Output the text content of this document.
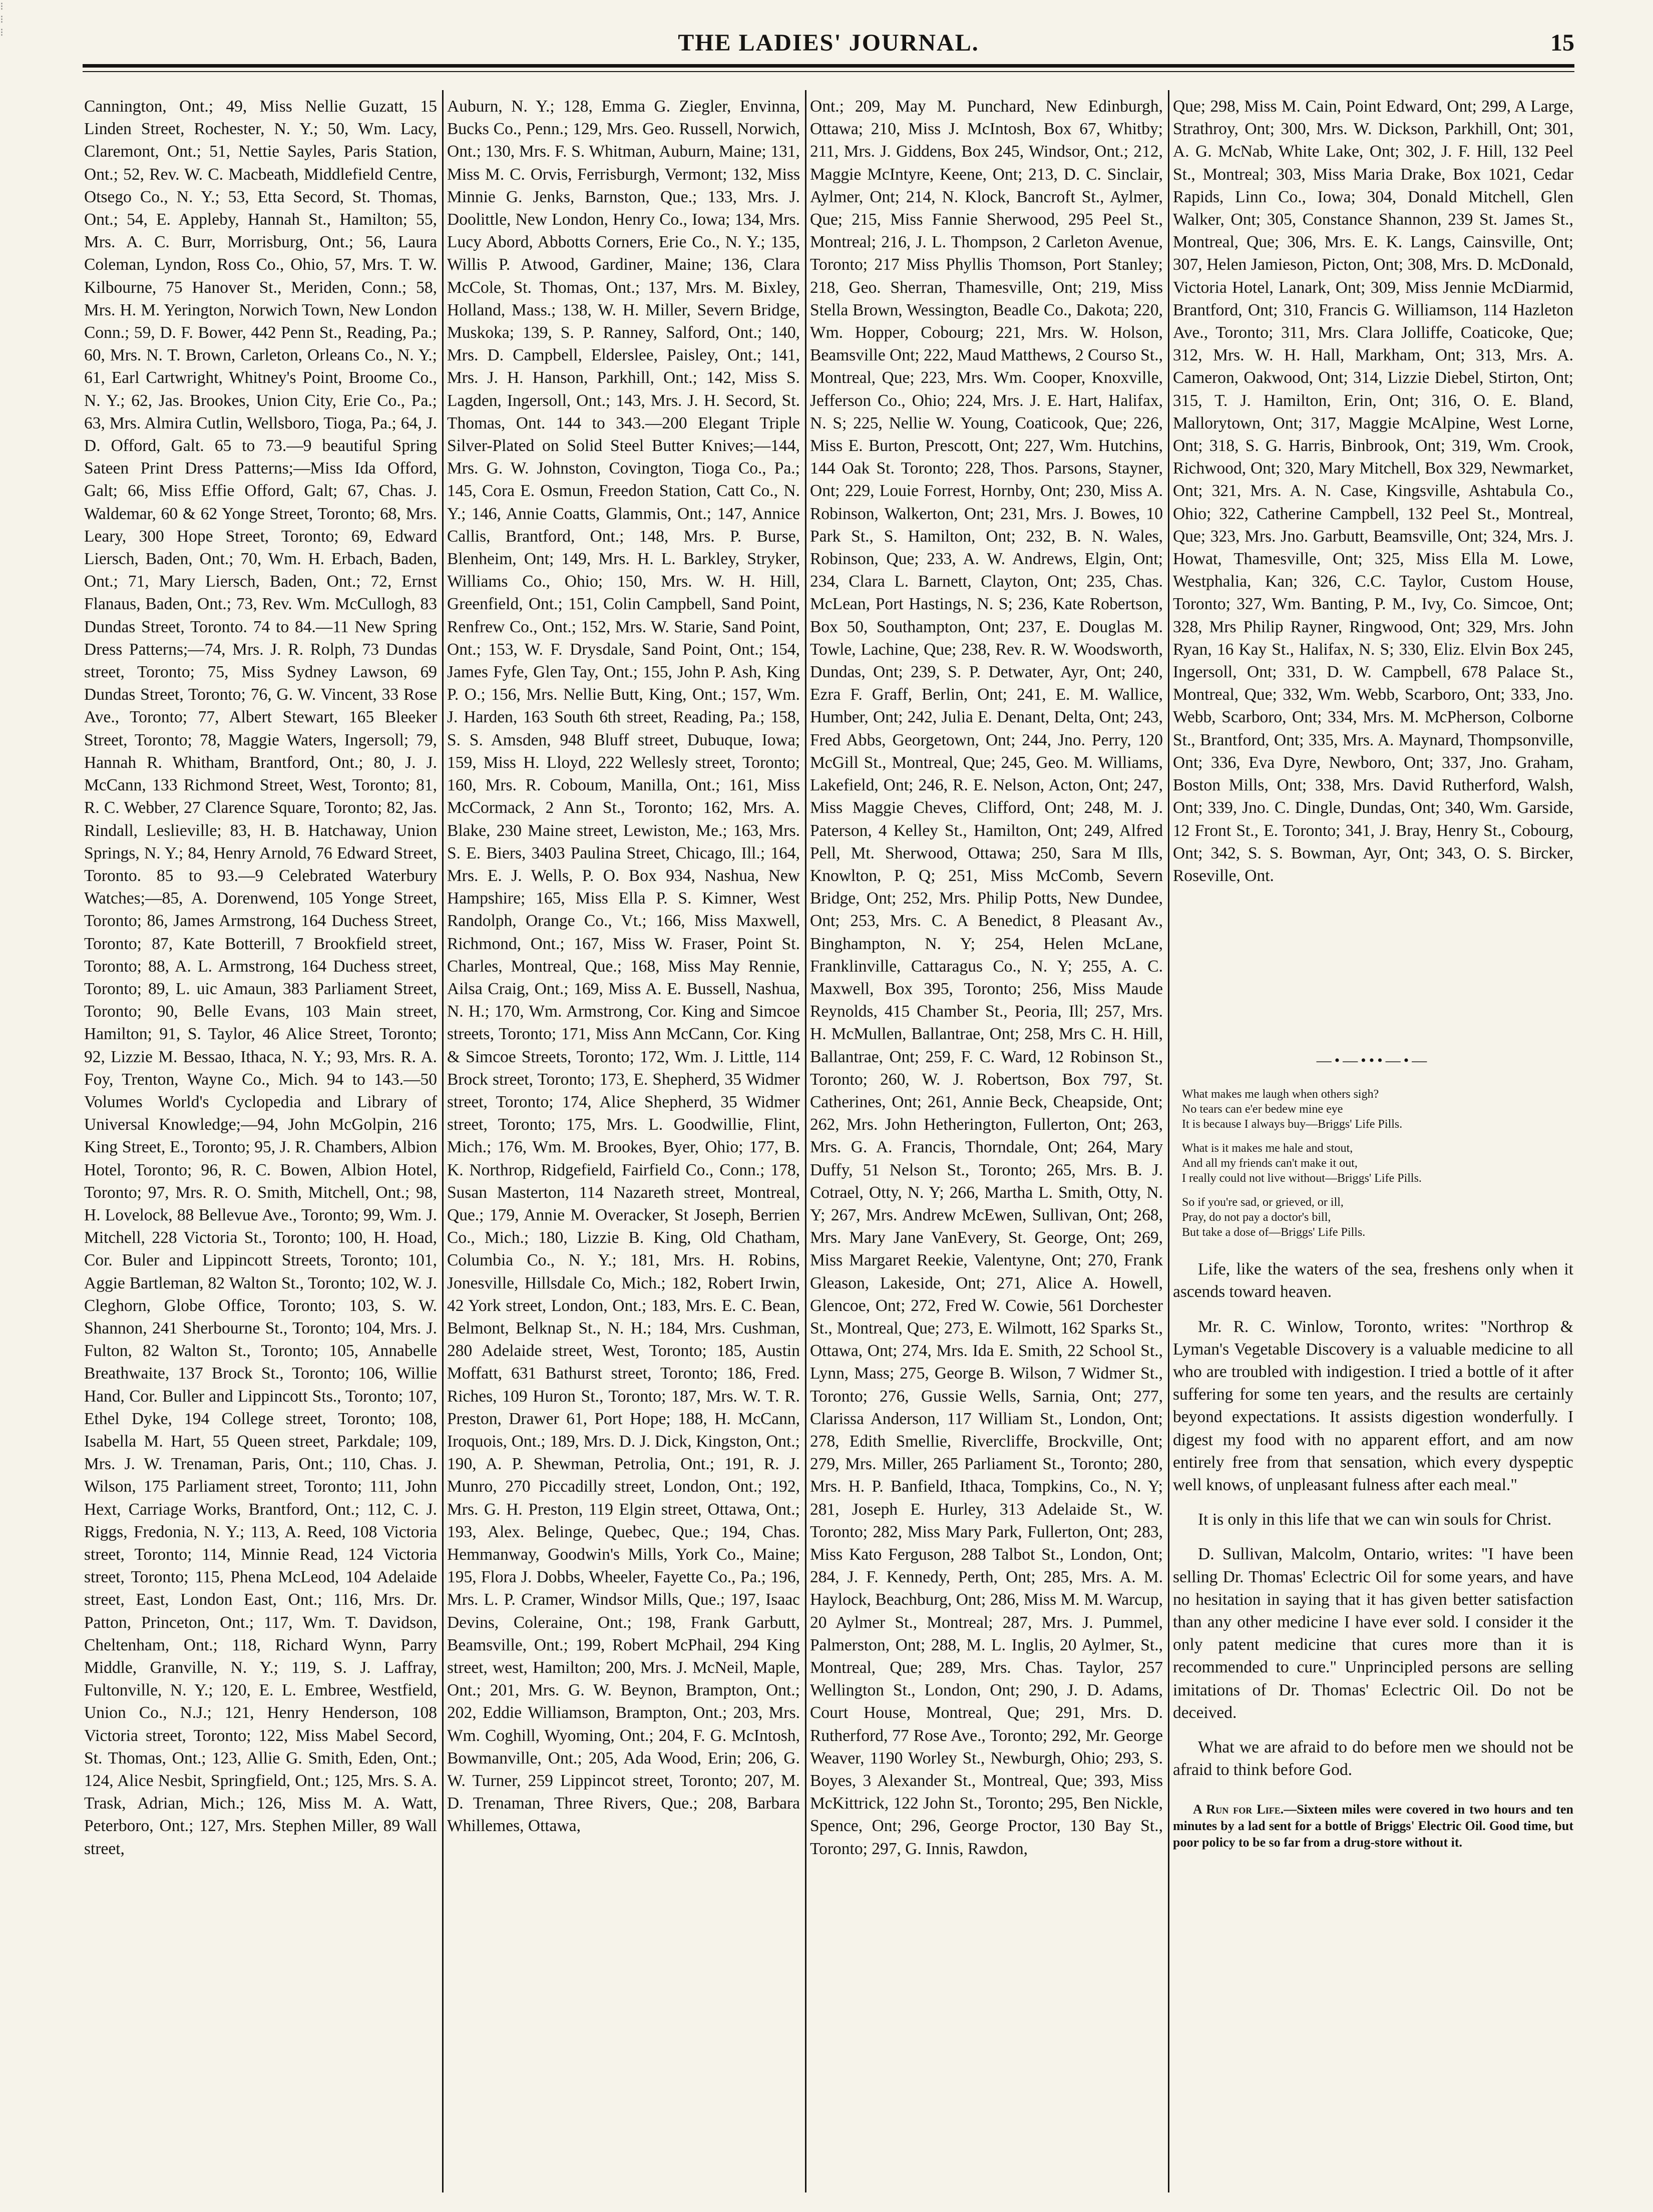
⁝
⁝
⁝	THE LADIES' JOURNAL.	15

Cannington, Ont.; 49, Miss Nellie Guzatt, 15 Linden Street, Rochester, N. Y.; 50, Wm. Lacy, Claremont, Ont.; 51, Nettie Sayles, Paris Station, Ont.; 52, Rev. W. C. Macbeath, Middlefield Centre, Otsego Co., N. Y.; 53, Etta Secord, St. Thomas, Ont.; 54, E. Appleby, Hannah St., Hamilton; 55, Mrs. A. C. Burr, Morrisburg, Ont.; 56, Laura Coleman, Lyndon, Ross Co., Ohio, 57, Mrs. T. W. Kilbourne, 75 Hanover St., Meriden, Conn.; 58, Mrs. H. M. Yerington, Norwich Town, New London Conn.; 59, D. F. Bower, 442 Penn St., Reading, Pa.; 60, Mrs. N. T. Brown, Carleton, Orleans Co., N. Y.; 61, Earl Cartwright, Whitney's Point, Broome Co., N. Y.; 62, Jas. Brookes, Union City, Erie Co., Pa.; 63, Mrs. Almira Cutlin, Wellsboro, Tioga, Pa.; 64, J. D. Offord, Galt. 65 to 73.—9 beautiful Spring Sateen Print Dress Patterns;—Miss Ida Offord, Galt; 66, Miss Effie Offord, Galt; 67, Chas. J. Waldemar, 60 & 62 Yonge Street, Toronto; 68, Mrs. Leary, 300 Hope Street, Toronto; 69, Edward Liersch, Baden, Ont.; 70, Wm. H. Erbach, Baden, Ont.; 71, Mary Liersch, Baden, Ont.; 72, Ernst Flanaus, Baden, Ont.; 73, Rev. Wm. McCullogh, 83 Dundas Street, Toronto. 74 to 84.—11 New Spring Dress Patterns;—74, Mrs. J. R. Rolph, 73 Dundas street, Toronto; 75, Miss Sydney Lawson, 69 Dundas Street, Toronto; 76, G. W. Vincent, 33 Rose Ave., Toronto; 77, Albert Stewart, 165 Bleeker Street, Toronto; 78, Maggie Waters, Ingersoll; 79, Hannah R. Whitham, Brantford, Ont.; 80, J. J. McCann, 133 Richmond Street, West, Toronto; 81, R. C. Webber, 27 Clarence Square, Toronto; 82, Jas. Rindall, Leslieville; 83, H. B. Hatchaway, Union Springs, N. Y.; 84, Henry Arnold, 76 Edward Street, Toronto. 85 to 93.—9 Celebrated Waterbury Watches;—85, A. Dorenwend, 105 Yonge Street, Toronto; 86, James Armstrong, 164 Duchess Street, Toronto; 87, Kate Botterill, 7 Brookfield street, Toronto; 88, A. L. Armstrong, 164 Duchess street, Toronto; 89, L. uic Amaun, 383 Parliament Street, Toronto; 90, Belle Evans, 103 Main street, Hamilton; 91, S. Taylor, 46 Alice Street, Toronto; 92, Lizzie M. Bessao, Ithaca, N. Y.; 93, Mrs. R. A. Foy, Trenton, Wayne Co., Mich. 94 to 143.—50 Volumes World's Cyclopedia and Library of Universal Knowledge;—94, John McGolpin, 216 King Street, E., Toronto; 95, J. R. Chambers, Albion Hotel, Toronto; 96, R. C. Bowen, Albion Hotel, Toronto; 97, Mrs. R. O. Smith, Mitchell, Ont.; 98, H. Lovelock, 88 Bellevue Ave., Toronto; 99, Wm. J. Mitchell, 228 Victoria St., Toronto; 100, H. Hoad, Cor. Buler and Lippincott Streets, Toronto; 101, Aggie Bartleman, 82 Walton St., Toronto; 102, W. J. Cleghorn, Globe Office, Toronto; 103, S. W. Shannon, 241 Sherbourne St., Toronto; 104, Mrs. J. Fulton, 82 Walton St., Toronto; 105, Annabelle Breathwaite, 137 Brock St., Toronto; 106, Willie Hand, Cor. Buller and Lippincott Sts., Toronto; 107, Ethel Dyke, 194 College street, Toronto; 108, Isabella M. Hart, 55 Queen street, Parkdale; 109, Mrs. J. W. Trenaman, Paris, Ont.; 110, Chas. J. Wilson, 175 Parliament street, Toronto; 111, John Hext, Carriage Works, Brantford, Ont.; 112, C. J. Riggs, Fredonia, N. Y.; 113, A. Reed, 108 Victoria street, Toronto; 114, Minnie Read, 124 Victoria street, Toronto; 115, Phena McLeod, 104 Adelaide street, East, London East, Ont.; 116, Mrs. Dr. Patton, Princeton, Ont.; 117, Wm. T. Davidson, Cheltenham, Ont.; 118, Richard Wynn, Parry Middle, Granville, N. Y.; 119, S. J. Laffray, Fultonville, N. Y.; 120, E. L. Embree, Westfield, Union Co., N.J.; 121, Henry Henderson, 108 Victoria street, Toronto; 122, Miss Mabel Secord, St. Thomas, Ont.; 123, Allie G. Smith, Eden, Ont.; 124, Alice Nesbit, Springfield, Ont.; 125, Mrs. S. A. Trask, Adrian, Mich.; 126, Miss M. A. Watt, Peterboro, Ont.; 127, Mrs. Stephen Miller, 89 Wall street,

Auburn, N. Y.; 128, Emma G. Ziegler, Envinna, Bucks Co., Penn.; 129, Mrs. Geo. Russell, Norwich, Ont.; 130, Mrs. F. S. Whitman, Auburn, Maine; 131, Miss M. C. Orvis, Ferrisburgh, Vermont; 132, Miss Minnie G. Jenks, Barnston, Que.; 133, Mrs. J. Doolittle, New London, Henry Co., Iowa; 134, Mrs. Lucy Abord, Abbotts Corners, Erie Co., N. Y.; 135, Willis P. Atwood, Gardiner, Maine; 136, Clara McCole, St. Thomas, Ont.; 137, Mrs. M. Bixley, Holland, Mass.; 138, W. H. Miller, Severn Bridge, Muskoka; 139, S. P. Ranney, Salford, Ont.; 140, Mrs. D. Campbell, Elderslee, Paisley, Ont.; 141, Mrs. J. H. Hanson, Parkhill, Ont.; 142, Miss S. Lagden, Ingersoll, Ont.; 143, Mrs. J. H. Secord, St. Thomas, Ont. 144 to 343.—200 Elegant Triple Silver-Plated on Solid Steel Butter Knives;—144, Mrs. G. W. Johnston, Covington, Tioga Co., Pa.; 145, Cora E. Osmun, Freedon Station, Catt Co., N. Y.; 146, Annie Coatts, Glammis, Ont.; 147, Annice Callis, Brantford, Ont.; 148, Mrs. P. Burse, Blenheim, Ont; 149, Mrs. H. L. Barkley, Stryker, Williams Co., Ohio; 150, Mrs. W. H. Hill, Greenfield, Ont.; 151, Colin Campbell, Sand Point, Renfrew Co., Ont.; 152, Mrs. W. Starie, Sand Point, Ont.; 153, W. F. Drysdale, Sand Point, Ont.; 154, James Fyfe, Glen Tay, Ont.; 155, John P. Ash, King P. O.; 156, Mrs. Nellie Butt, King, Ont.; 157, Wm. J. Harden, 163 South 6th street, Reading, Pa.; 158, S. S. Amsden, 948 Bluff street, Dubuque, Iowa; 159, Miss H. Lloyd, 222 Wellesly street, Toronto; 160, Mrs. R. Coboum, Manilla, Ont.; 161, Miss McCormack, 2 Ann St., Toronto; 162, Mrs. A. Blake, 230 Maine street, Lewiston, Me.; 163, Mrs. S. E. Biers, 3403 Paulina Street, Chicago, Ill.; 164, Mrs. E. J. Wells, P. O. Box 934, Nashua, New Hampshire; 165, Miss Ella P. S. Kimner, West Randolph, Orange Co., Vt.; 166, Miss Maxwell, Richmond, Ont.; 167, Miss W. Fraser, Point St. Charles, Montreal, Que.; 168, Miss May Rennie, Ailsa Craig, Ont.; 169, Miss A. E. Bussell, Nashua, N. H.; 170, Wm. Armstrong, Cor. King and Simcoe streets, Toronto; 171, Miss Ann McCann, Cor. King & Simcoe Streets, Toronto; 172, Wm. J. Little, 114 Brock street, Toronto; 173, E. Shepherd, 35 Widmer street, Toronto; 174, Alice Shepherd, 35 Widmer street, Toronto; 175, Mrs. L. Goodwillie, Flint, Mich.; 176, Wm. M. Brookes, Byer, Ohio; 177, B. K. Northrop, Ridgefield, Fairfield Co., Conn.; 178, Susan Masterton, 114 Nazareth street, Montreal, Que.; 179, Annie M. Overacker, St Joseph, Berrien Co., Mich.; 180, Lizzie B. King, Old Chatham, Columbia Co., N. Y.; 181, Mrs. H. Robins, Jonesville, Hillsdale Co, Mich.; 182, Robert Irwin, 42 York street, London, Ont.; 183, Mrs. E. C. Bean, Belmont, Belknap St., N. H.; 184, Mrs. Cushman, 280 Adelaide street, West, Toronto; 185, Austin Moffatt, 631 Bathurst street, Toronto; 186, Fred. Riches, 109 Huron St., Toronto; 187, Mrs. W. T. R. Preston, Drawer 61, Port Hope; 188, H. McCann, Iroquois, Ont.; 189, Mrs. D. J. Dick, Kingston, Ont.; 190, A. P. Shewman, Petrolia, Ont.; 191, R. J. Munro, 270 Piccadilly street, London, Ont.; 192, Mrs. G. H. Preston, 119 Elgin street, Ottawa, Ont.; 193, Alex. Belinge, Quebec, Que.; 194, Chas. Hemmanway, Goodwin's Mills, York Co., Maine; 195, Flora J. Dobbs, Wheeler, Fayette Co., Pa.; 196, Mrs. L. P. Cramer, Windsor Mills, Que.; 197, Isaac Devins, Coleraine, Ont.; 198, Frank Garbutt, Beamsville, Ont.; 199, Robert McPhail, 294 King street, west, Hamilton; 200, Mrs. J. McNeil, Maple, Ont.; 201, Mrs. G. W. Beynon, Brampton, Ont.; 202, Eddie Williamson, Brampton, Ont.; 203, Mrs. Wm. Coghill, Wyoming, Ont.; 204, F. G. McIntosh, Bowmanville, Ont.; 205, Ada Wood, Erin; 206, G. W. Turner, 259 Lippincot street, Toronto; 207, M. D. Trenaman, Three Rivers, Que.; 208, Barbara Whillemes, Ottawa,

Ont.; 209, May M. Punchard, New Edinburgh, Ottawa; 210, Miss J. McIntosh, Box 67, Whitby; 211, Mrs. J. Giddens, Box 245, Windsor, Ont.; 212, Maggie McIntyre, Keene, Ont; 213, D. C. Sinclair, Aylmer, Ont; 214, N. Klock, Bancroft St., Aylmer, Que; 215, Miss Fannie Sherwood, 295 Peel St., Montreal; 216, J. L. Thompson, 2 Carleton Avenue, Toronto; 217 Miss Phyllis Thomson, Port Stanley; 218, Geo. Sherran, Thamesville, Ont; 219, Miss Stella Brown, Wessington, Beadle Co., Dakota; 220, Wm. Hopper, Cobourg; 221, Mrs. W. Holson, Beamsville Ont; 222, Maud Matthews, 2 Courso St., Montreal, Que; 223, Mrs. Wm. Cooper, Knoxville, Jefferson Co., Ohio; 224, Mrs. J. E. Hart, Halifax, N. S; 225, Nellie W. Young, Coaticook, Que; 226, Miss E. Burton, Prescott, Ont; 227, Wm. Hutchins, 144 Oak St. Toronto; 228, Thos. Parsons, Stayner, Ont; 229, Louie Forrest, Hornby, Ont; 230, Miss A. Robinson, Walkerton, Ont; 231, Mrs. J. Bowes, 10 Park St., S. Hamilton, Ont; 232, B. N. Wales, Robinson, Que; 233, A. W. Andrews, Elgin, Ont; 234, Clara L. Barnett, Clayton, Ont; 235, Chas. McLean, Port Hastings, N. S; 236, Kate Robertson, Box 50, Southampton, Ont; 237, E. Douglas M. Towle, Lachine, Que; 238, Rev. R. W. Woodsworth, Dundas, Ont; 239, S. P. Detwater, Ayr, Ont; 240, Ezra F. Graff, Berlin, Ont; 241, E. M. Wallice, Humber, Ont; 242, Julia E. Denant, Delta, Ont; 243, Fred Abbs, Georgetown, Ont; 244, Jno. Perry, 120 McGill St., Montreal, Que; 245, Geo. M. Williams, Lakefield, Ont; 246, R. E. Nelson, Acton, Ont; 247, Miss Maggie Cheves, Clifford, Ont; 248, M. J. Paterson, 4 Kelley St., Hamilton, Ont; 249, Alfred Pell, Mt. Sherwood, Ottawa; 250, Sara M Ills, Knowlton, P. Q; 251, Miss McComb, Severn Bridge, Ont; 252, Mrs. Philip Potts, New Dundee, Ont; 253, Mrs. C. A Benedict, 8 Pleasant Av., Binghampton, N. Y; 254, Helen McLane, Franklinville, Cattaragus Co., N. Y; 255, A. C. Maxwell, Box 395, Toronto; 256, Miss Maude Reynolds, 415 Chamber St., Peoria, Ill; 257, Mrs. H. McMullen, Ballantrae, Ont; 258, Mrs C. H. Hill, Ballantrae, Ont; 259, F. C. Ward, 12 Robinson St., Toronto; 260, W. J. Robertson, Box 797, St. Catherines, Ont; 261, Annie Beck, Cheapside, Ont; 262, Mrs. John Hetherington, Fullerton, Ont; 263, Mrs. G. A. Francis, Thorndale, Ont; 264, Mary Duffy, 51 Nelson St., Toronto; 265, Mrs. B. J. Cotrael, Otty, N. Y; 266, Martha L. Smith, Otty, N. Y; 267, Mrs. Andrew McEwen, Sullivan, Ont; 268, Mrs. Mary Jane VanEvery, St. George, Ont; 269, Miss Margaret Reekie, Valentyne, Ont; 270, Frank Gleason, Lakeside, Ont; 271, Alice A. Howell, Glencoe, Ont; 272, Fred W. Cowie, 561 Dorchester St., Montreal, Que; 273, E. Wilmott, 162 Sparks St., Ottawa, Ont; 274, Mrs. Ida E. Smith, 22 School St., Lynn, Mass; 275, George B. Wilson, 7 Widmer St., Toronto; 276, Gussie Wells, Sarnia, Ont; 277, Clarissa Anderson, 117 William St., London, Ont; 278, Edith Smellie, Rivercliffe, Brockville, Ont; 279, Mrs. Miller, 265 Parliament St., Toronto; 280, Mrs. H. P. Banfield, Ithaca, Tompkins, Co., N. Y; 281, Joseph E. Hurley, 313 Adelaide St., W. Toronto; 282, Miss Mary Park, Fullerton, Ont; 283, Miss Kato Ferguson, 288 Talbot St., London, Ont; 284, J. F. Kennedy, Perth, Ont; 285, Mrs. A. M. Haylock, Beachburg, Ont; 286, Miss M. M. Warcup, 20 Aylmer St., Montreal; 287, Mrs. J. Pummel, Palmerston, Ont; 288, M. L. Inglis, 20 Aylmer, St., Montreal, Que; 289, Mrs. Chas. Taylor, 257 Wellington St., London, Ont; 290, J. D. Adams, Court House, Montreal, Que; 291, Mrs. D. Rutherford, 77 Rose Ave., Toronto; 292, Mr. George Weaver, 1190 Worley St., Newburgh, Ohio; 293, S. Boyes, 3 Alexander St., Montreal, Que; 393, Miss McKittrick, 122 John St., Toronto; 295, Ben Nickle, Spence, Ont; 296, George Proctor, 130 Bay St., Toronto; 297, G. Innis, Rawdon,

Que; 298, Miss M. Cain, Point Edward, Ont; 299, A Large, Strathroy, Ont; 300, Mrs. W. Dickson, Parkhill, Ont; 301, A. G. McNab, White Lake, Ont; 302, J. F. Hill, 132 Peel St., Montreal; 303, Miss Maria Drake, Box 1021, Cedar Rapids, Linn Co., Iowa; 304, Donald Mitchell, Glen Walker, Ont; 305, Constance Shannon, 239 St. James St., Montreal, Que; 306, Mrs. E. K. Langs, Cainsville, Ont; 307, Helen Jamieson, Picton, Ont; 308, Mrs. D. McDonald, Victoria Hotel, Lanark, Ont; 309, Miss Jennie McDiarmid, Brantford, Ont; 310, Francis G. Williamson, 114 Hazleton Ave., Toronto; 311, Mrs. Clara Jolliffe, Coaticoke, Que; 312, Mrs. W. H. Hall, Markham, Ont; 313, Mrs. A. Cameron, Oakwood, Ont; 314, Lizzie Diebel, Stirton, Ont; 315, T. J. Hamilton, Erin, Ont; 316, O. E. Bland, Mallorytown, Ont; 317, Maggie McAlpine, West Lorne, Ont; 318, S. G. Harris, Binbrook, Ont; 319, Wm. Crook, Richwood, Ont; 320, Mary Mitchell, Box 329, Newmarket, Ont; 321, Mrs. A. N. Case, Kingsville, Ashtabula Co., Ohio; 322, Catherine Campbell, 132 Peel St., Montreal, Que; 323, Mrs. Jno. Garbutt, Beamsville, Ont; 324, Mrs. J. Howat, Thamesville, Ont; 325, Miss Ella M. Lowe, Westphalia, Kan; 326, C.C. Taylor, Custom House, Toronto; 327, Wm. Banting, P. M., Ivy, Co. Simcoe, Ont; 328, Mrs Philip Rayner, Ringwood, Ont; 329, Mrs. John Ryan, 16 Kay St., Halifax, N. S; 330, Eliz. Elvin Box 245, Ingersoll, Ont; 331, D. W. Campbell, 678 Palace St., Montreal, Que; 332, Wm. Webb, Scarboro, Ont; 333, Jno. Webb, Scarboro, Ont; 334, Mrs. M. McPherson, Colborne St., Brantford, Ont; 335, Mrs. A. Maynard, Thompsonville, Ont; 336, Eva Dyre, Newboro, Ont; 337, Jno. Graham, Boston Mills, Ont; 338, Mrs. David Rutherford, Walsh, Ont; 339, Jno. C. Dingle, Dundas, Ont; 340, Wm. Garside, 12 Front St., E. Toronto; 341, J. Bray, Henry St., Cobourg, Ont; 342, S. S. Bowman, Ayr, Ont; 343, O. S. Bircker, Roseville, Ont.

—•—•••—•—
What makes me laugh when others sigh?
No tears can e'er bedew mine eye
It is because I always buy—Briggs' Life Pills.
What is it makes me hale and stout,
And all my friends can't make it out,
I really could not live without—Briggs' Life Pills.
So if you're sad, or grieved, or ill,
Pray, do not pay a doctor's bill,
But take a dose of—Briggs' Life Pills.

Life, like the waters of the sea, freshens only when it ascends toward heaven.

Mr. R. C. Winlow, Toronto, writes: "Northrop & Lyman's Vegetable Discovery is a valuable medicine to all who are troubled with indigestion. I tried a bottle of it after suffering for some ten years, and the results are certainly beyond expectations. It assists digestion wonderfully. I digest my food with no apparent effort, and am now entirely free from that sensation, which every dyspeptic well knows, of unpleasant fulness after each meal."

It is only in this life that we can win souls for Christ.

D. Sullivan, Malcolm, Ontario, writes: "I have been selling Dr. Thomas' Eclectric Oil for some years, and have no hesitation in saying that it has given better satisfaction than any other medicine I have ever sold. I consider it the only patent medicine that cures more than it is recommended to cure." Unprincipled persons are selling imitations of Dr. Thomas' Eclectric Oil. Do not be deceived.

What we are afraid to do before men we should not be afraid to think before God.

A Run for Life.—Sixteen miles were covered in two hours and ten minutes by a lad sent for a bottle of Briggs' Electric Oil. Good time, but poor policy to be so far from a drug-store without it.
